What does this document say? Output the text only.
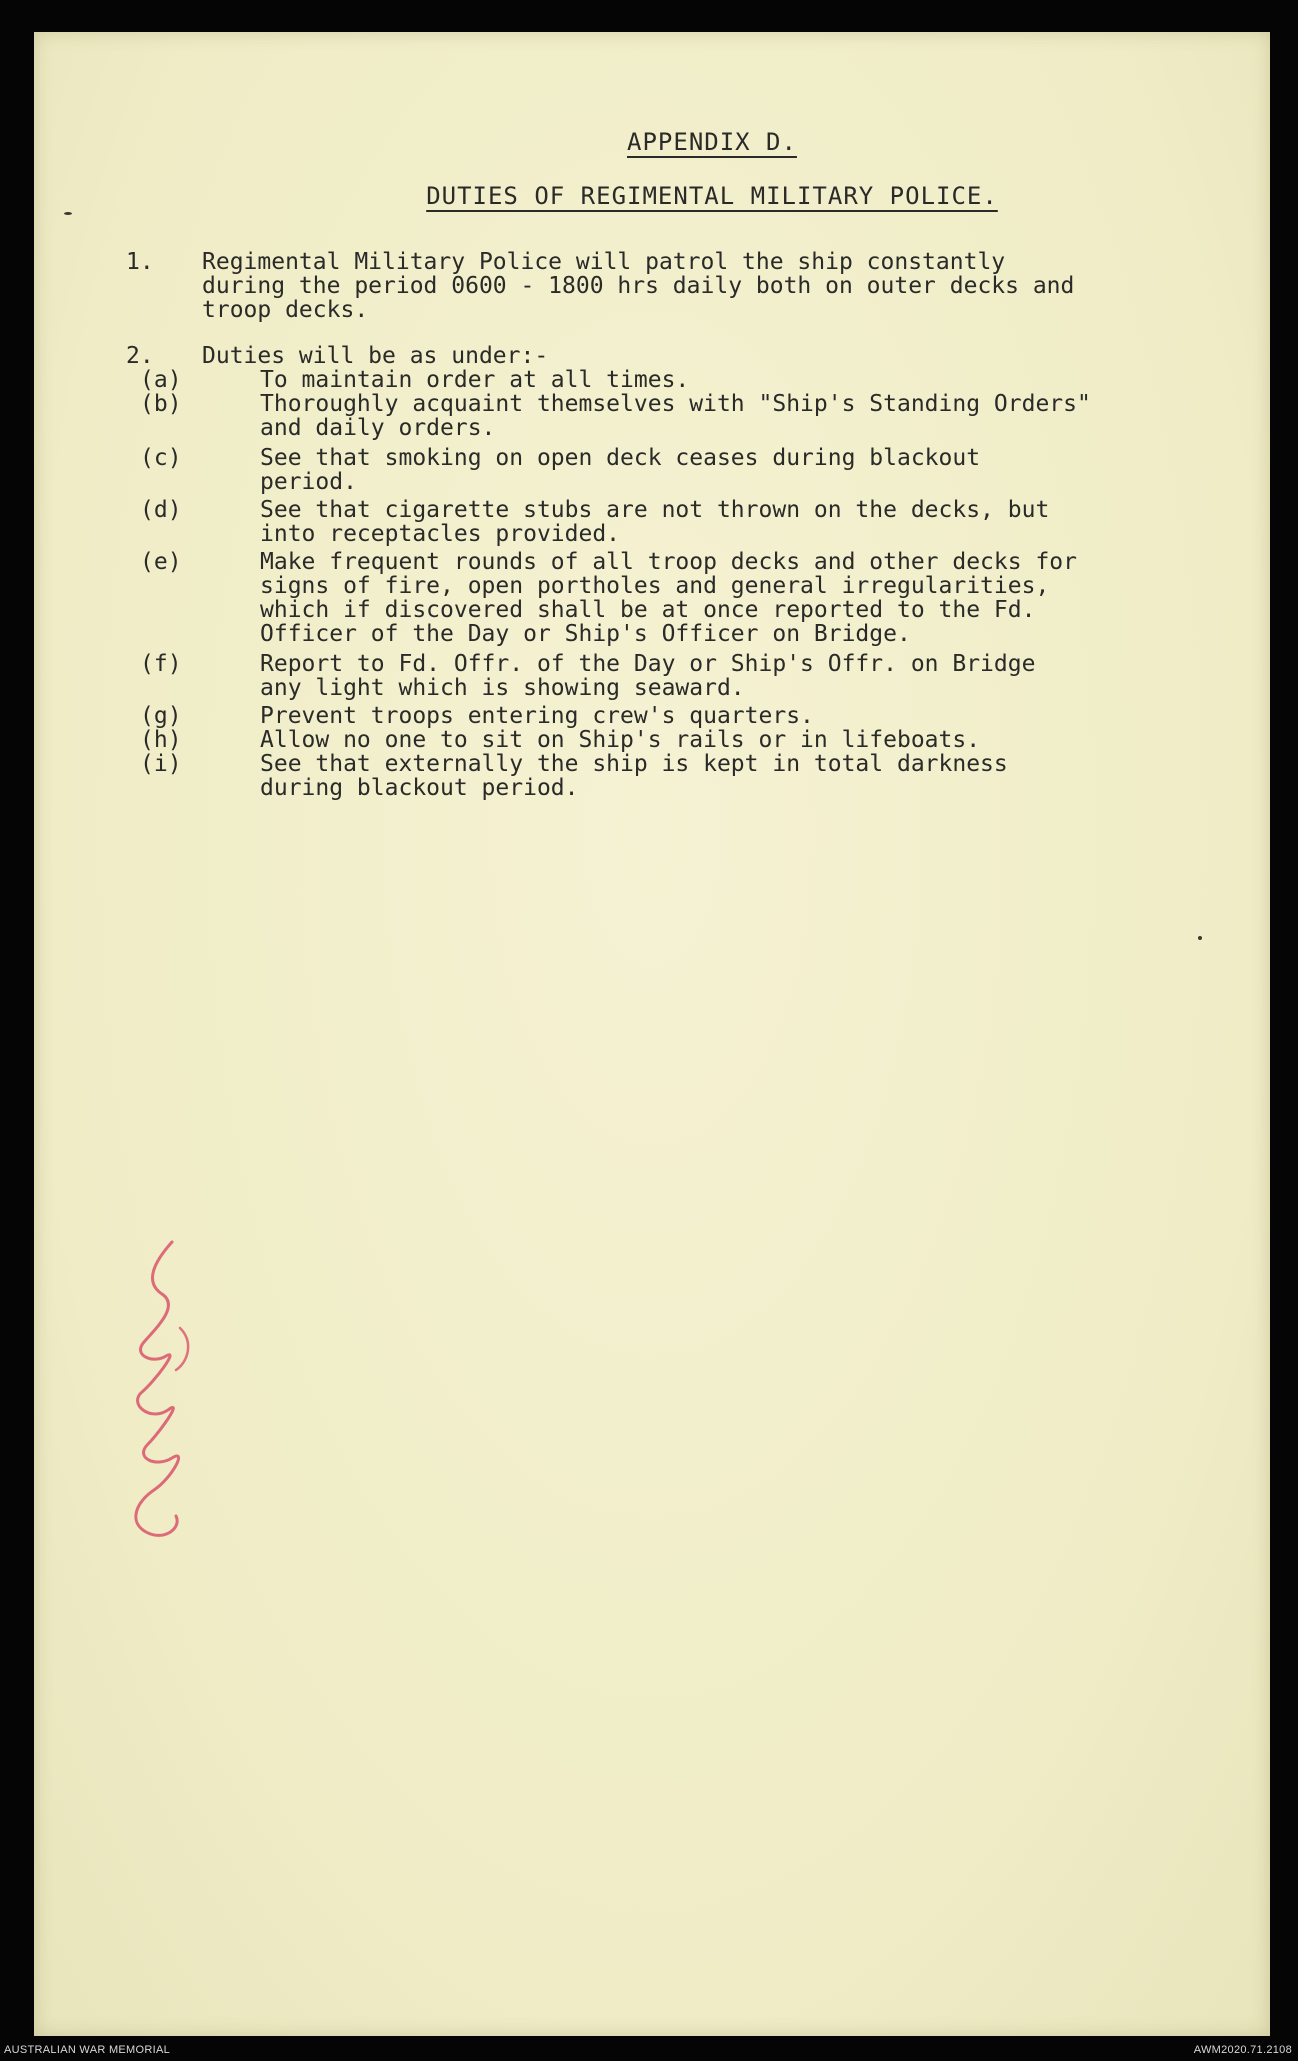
APPENDIX D.
DUTIES OF REGIMENTAL MILITARY POLICE.
1. Regimental Military Police will patrol the ship constantly
during the period 0600 - 1800 hrs daily both on outer decks and
troop decks.
2. Duties will be as under:-
(a)	To maintain order at all times.
(b)	Thoroughly acquaint themselves with "Ship's Standing Orders"
and daily orders.
(c)	See that smoking on open deck ceases during blackout
period.
(d)	See that cigarette stubs are not thrown on the decks, but
into receptacles provided.
(e)	Make frequent rounds of all troop decks and other decks for
signs of fire, open portholes and general irregularities,
which if discovered shall be at once reported to the Fd.
Officer of the Day or Ship's Officer on Bridge.
(f)	Report to Fd. Offr. of the Day or Ship's Offr. on Bridge
any light which is showing seaward.
(g)	Prevent troops entering crew's quarters.
(h)	Allow no one to sit on Ship's rails or in lifeboats.
(i)	See that externally the ship is kept in total darkness
during blackout period.
AUSTRALIAN WAR MEMORIAL	AWM2020.71.2108
